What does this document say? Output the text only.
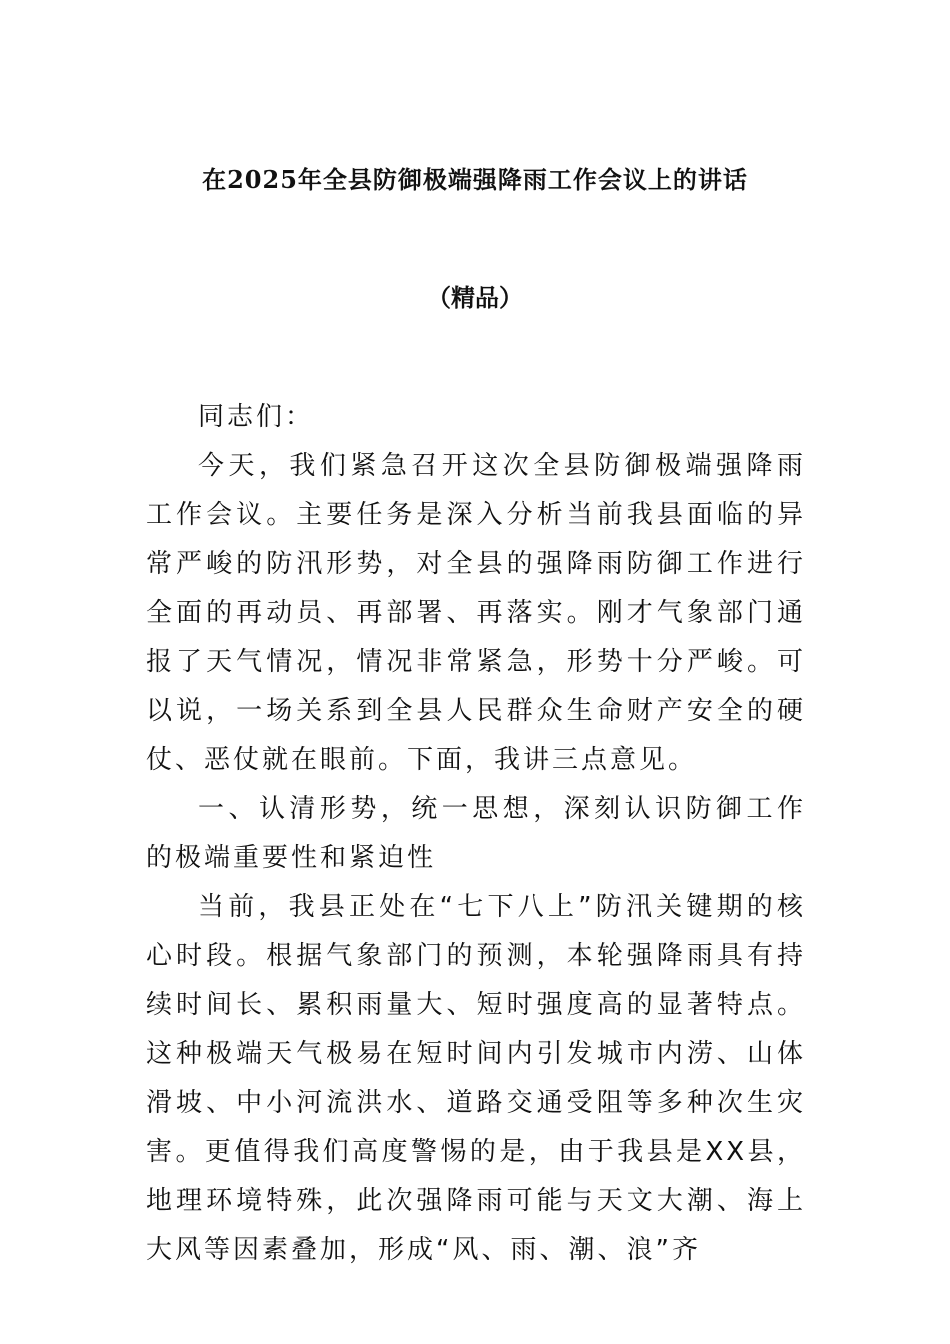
在2025年全县防御极端强降雨工作会议上的讲话
（精品）

同志们：

今天，我们紧急召开这次全县防御极端强降雨工作会议。主要任务是深入分析当前我县面临的异常严峻的防汛形势，对全县的强降雨防御工作进行全面的再动员、再部署、再落实。刚才气象部门通报了天气情况，情况非常紧急，形势十分严峻。可以说，一场关系到全县人民群众生命财产安全的硬仗、恶仗就在眼前。下面，我讲三点意见。

一、认清形势，统一思想，深刻认识防御工作的极端重要性和紧迫性

当前，我县正处在“七下八上”防汛关键期的核心时段。根据气象部门的预测，本轮强降雨具有持续时间长、累积雨量大、短时强度高的显著特点。这种极端天气极易在短时间内引发城市内涝、山体滑坡、中小河流洪水、道路交通受阻等多种次生灾害。更值得我们高度警惕的是，由于我县是XX县，地理环境特殊，此次强降雨可能与天文大潮、海上大风等因素叠加，形成“风、雨、潮、浪”齐
